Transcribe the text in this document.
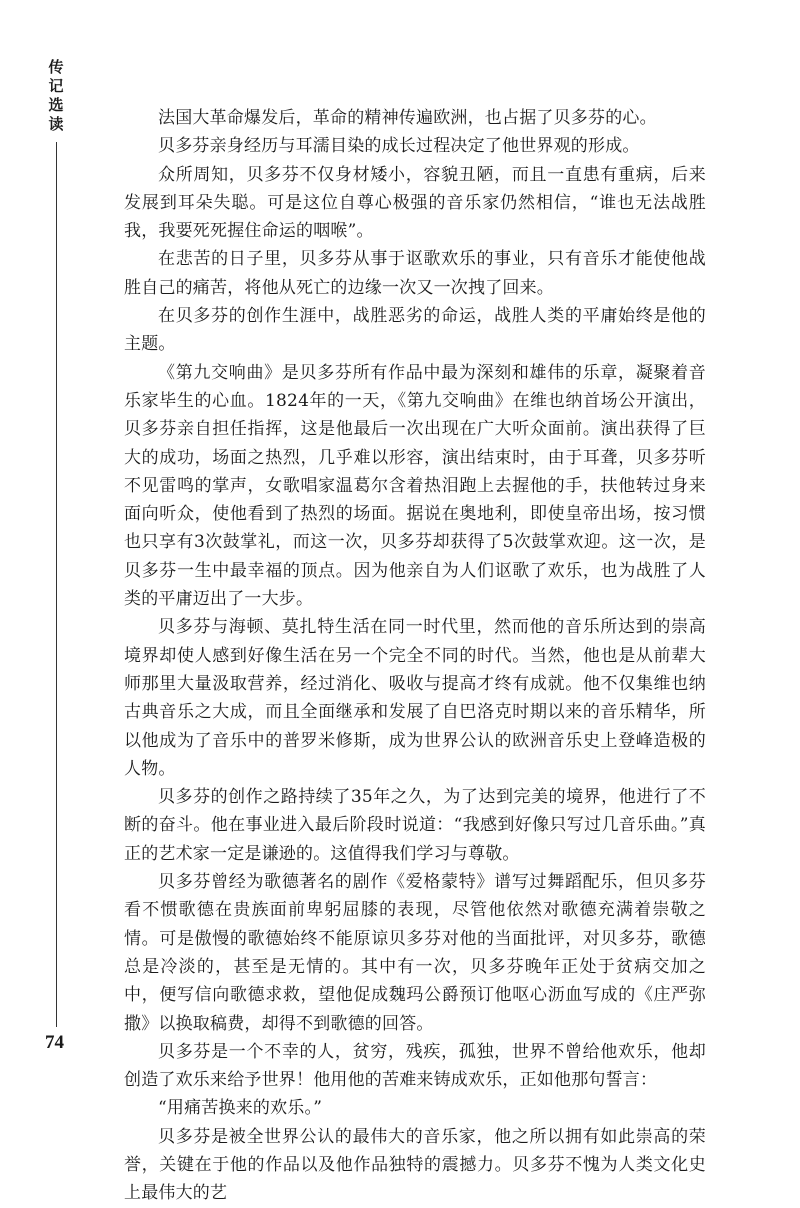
传记选读	法国大革命爆发后，革命的精神传遍欧洲，也占据了贝多芬的心。

贝多芬亲身经历与耳濡目染的成长过程决定了他世界观的形成。

众所周知，贝多芬不仅身材矮小，容貌丑陋，而且一直患有重病，后来发展到耳朵失聪。可是这位自尊心极强的音乐家仍然相信，“谁也无法战胜我，我要死死握住命运的咽喉”。

在悲苦的日子里，贝多芬从事于讴歌欢乐的事业，只有音乐才能使他战胜自己的痛苦，将他从死亡的边缘一次又一次拽了回来。

在贝多芬的创作生涯中，战胜恶劣的命运，战胜人类的平庸始终是他的主题。

《第九交响曲》是贝多芬所有作品中最为深刻和雄伟的乐章，凝聚着音乐家毕生的心血。1824年的一天，《第九交响曲》在维也纳首场公开演出，贝多芬亲自担任指挥，这是他最后一次出现在广大听众面前。演出获得了巨大的成功，场面之热烈，几乎难以形容，演出结束时，由于耳聋，贝多芬听不见雷鸣的掌声，女歌唱家温葛尔含着热泪跑上去握他的手，扶他转过身来面向听众，使他看到了热烈的场面。据说在奥地利，即使皇帝出场，按习惯也只享有3次鼓掌礼，而这一次，贝多芬却获得了5次鼓掌欢迎。这一次，是贝多芬一生中最幸福的顶点。因为他亲自为人们讴歌了欢乐，也为战胜了人类的平庸迈出了一大步。

贝多芬与海顿、莫扎特生活在同一时代里，然而他的音乐所达到的崇高境界却使人感到好像生活在另一个完全不同的时代。当然，他也是从前辈大师那里大量汲取营养，经过消化、吸收与提高才终有成就。他不仅集维也纳古典音乐之大成，而且全面继承和发展了自巴洛克时期以来的音乐精华，所以他成为了音乐中的普罗米修斯，成为世界公认的欧洲音乐史上登峰造极的人物。

贝多芬的创作之路持续了35年之久，为了达到完美的境界，他进行了不断的奋斗。他在事业进入最后阶段时说道：“我感到好像只写过几音乐曲。”真正的艺术家一定是谦逊的。这值得我们学习与尊敬。

贝多芬曾经为歌德著名的剧作《爱格蒙特》谱写过舞蹈配乐，但贝多芬看不惯歌德在贵族面前卑躬屈膝的表现，尽管他依然对歌德充满着崇敬之情。可是傲慢的歌德始终不能原谅贝多芬对他的当面批评，对贝多芬，歌德总是冷淡的，甚至是无情的。其中有一次，贝多芬晚年正处于贫病交加之中，便写信向歌德求救，望他促成魏玛公爵预订他呕心沥血写成的《庄严弥撒》以换取稿费，却得不到歌德的回答。

贝多芬是一个不幸的人，贫穷，残疾，孤独，世界不曾给他欢乐，他却创造了欢乐来给予世界！他用他的苦难来铸成欢乐，正如他那句誓言：

“用痛苦换来的欢乐。”

贝多芬是被全世界公认的最伟大的音乐家，他之所以拥有如此崇高的荣誉，关键在于他的作品以及他作品独特的震撼力。贝多芬不愧为人类文化史上最伟大的艺

74
